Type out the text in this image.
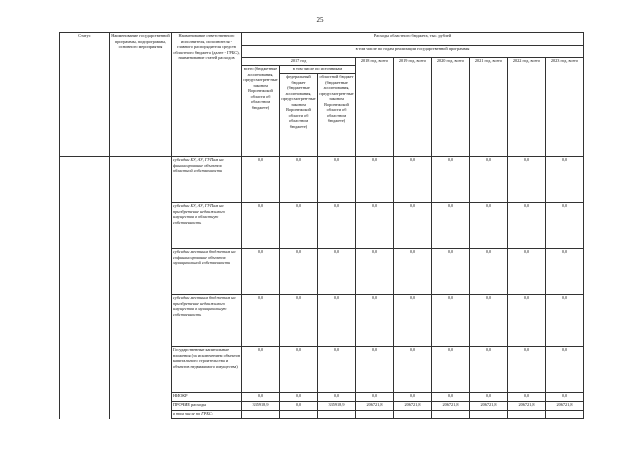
25
Статус	Наименование государственной программы, подпрограммы, основного мероприятия	Наименование ответственного исполнителя, исполнителя - главного распорядителя средств областного бюджета (далее - ГРБС), наименование статей расходов	Расходы областного бюджета, тыс. рублей
в том числе по годам реализации государственной программы
2017 год	2018 год, всего	2019 год, всего	2020 год, всего	2021 год, всего	2022 год, всего	2023 год, всего
всего (бюджетные ассигнования, предусмотрен-ные законом Воронежской области об областном бюджете)	
в том числе по источникам
федеральный бюджет (бюджетные ассигнования, предусмотрен-ные законом Воронежской области об областном бюджете)	областной бюджет (бюджетные ассигнования, предусмотрен-ные законом Воронежской области об областном бюджете)

		субсидии БУ, АУ, ГУПам на финансирование объектов областной собственности	0,0	0,0	0,0	0,0	0,0	0,0	0,0	0,0	0,0
субсидии БУ, АУ, ГУПам на приобретение недвижимого имущества в областную собственность	0,0	0,0	0,0	0,0	0,0	0,0	0,0	0,0	0,0
субсидии местным бюджетам на софинансирование объектов муниципальной собственности	0,0	0,0	0,0	0,0	0,0	0,0	0,0	0,0	0,0
субсидии местным бюджетам на приобретение недвижимого имущества в муниципальную собственность	0,0	0,0	0,0	0,0	0,0	0,0	0,0	0,0	0,0
Государственные капитальные вложения (за исключением объектов капитального строительства и объектов недвижимого имущества)	0,0	0,0	0,0	0,0	0,0	0,0	0,0	0,0	0,0
НИОКР	0,0	0,0	0,0	0,0	0,0	0,0	0,0	0,0	0,0
ПРОЧИЕ расходы	335918,9	0,0	335918,9	206721,8	206721,8	206721,8	206721,8	206721,8	206721,8
в том числе по ГРБС:									
